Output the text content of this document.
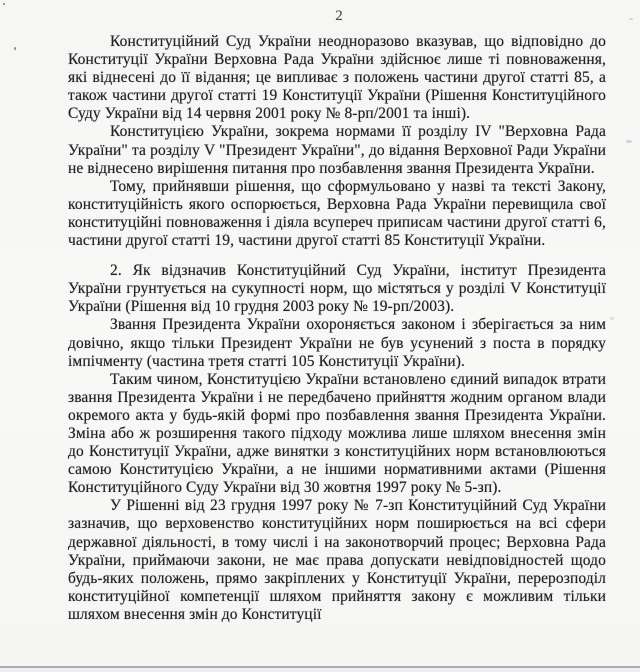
2

Конституційний Суд України неодноразово вказував, що відповідно до Конституції України Верховна Рада України здійснює лише ті повноваження, які віднесені до її відання; це випливає з положень частини другої статті 85, а також частини другої статті 19 Конституції України (Рішення Конституційного Суду України від 14 червня 2001 року № 8-рп/2001 та інші).

Конституцією України, зокрема нормами її розділу IV "Верховна Рада України" та розділу V "Президент України", до відання Верховної Ради України не віднесено вирішення питання про позбавлення звання Президента України.

Тому, прийнявши рішення, що сформульовано у назві та тексті Закону, конституційність якого оспорюється, Верховна Рада України перевищила свої конституційні повноваження і діяла всупереч приписам частини другої статті 6, частини другої статті 19, частини другої статті 85 Конституції України.

2. Як відзначив Конституційний Суд України, інститут Президента України грунтується на сукупності норм, що містяться у розділі V Конституції України (Рішення від 10 грудня 2003 року № 19-рп/2003).

Звання Президента України охороняється законом і зберігається за ним довічно, якщо тільки Президент України не був усунений з поста в порядку імпічменту (частина третя статті 105 Конституції України).

Таким чином, Конституцією України встановлено єдиний випадок втрати звання Президента України і не передбачено прийняття жодним органом влади окремого акта у будь-якій формі про позбавлення звання Президента України. Зміна або ж розширення такого підходу можлива лише шляхом внесення змін до Конституції України, адже винятки з конституційних норм встановлюються самою Конституцією України, а не іншими нормативними актами (Рішення Конституційного Суду України від 30 жовтня 1997 року № 5-зп).

У Рішенні від 23 грудня 1997 року № 7-зп Конституційний Суд України зазначив, що верховенство конституційних норм поширюється на всі сфери державної діяльності, в тому числі і на законотворчий процес; Верховна Рада України, приймаючи закони, не має права допускати невідповідностей щодо будь-яких положень, прямо закріплених у Конституції України, перерозподіл конституційної компетенції шляхом прийняття закону є можливим тільки шляхом внесення змін до Конституції
